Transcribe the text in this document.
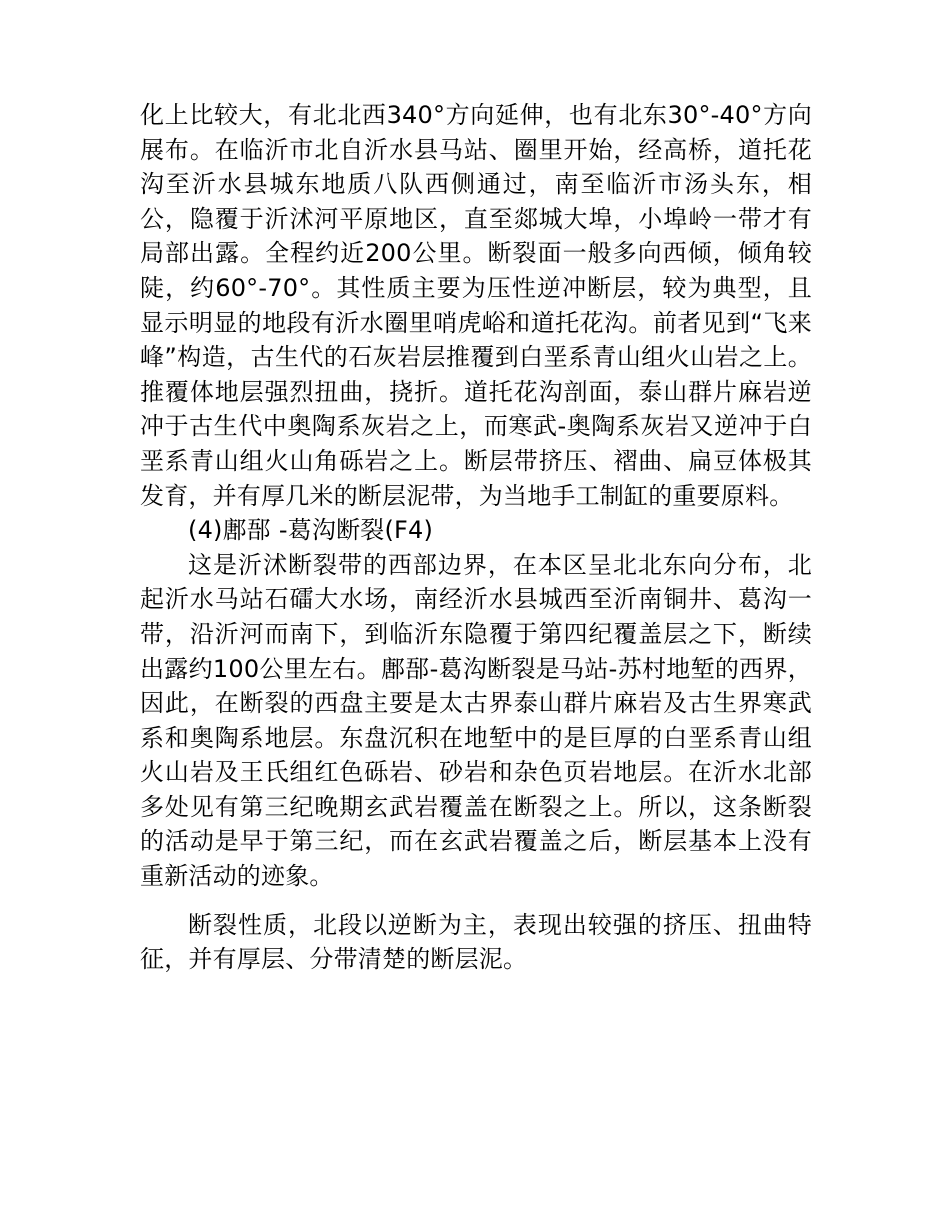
化上比较大，有北北西340°方向延伸，也有北东30°-40°方向展布。在临沂市北自沂水县马站、圈里开始，经高桥，道托花沟至沂水县城东地质八队西侧通过，南至临沂市汤头东，相公，隐覆于沂沭河平原地区，直至郯城大埠，小埠岭一带才有局部出露。全程约近200公里。断裂面一般多向西倾，倾角较陡，约60°-70°。其性质主要为压性逆冲断层，较为典型，且显示明显的地段有沂水圈里哨虎峪和道托花沟。前者见到“飞来峰”构造，古生代的石灰岩层推覆到白垩系青山组火山岩之上。推覆体地层强烈扭曲，挠折。道托花沟剖面，泰山群片麻岩逆冲于古生代中奥陶系灰岩之上，而寒武-奥陶系灰岩又逆冲于白垩系青山组火山角砾岩之上。断层带挤压、褶曲、扁豆体极其发育，并有厚几米的断层泥带，为当地手工制缸的重要原料。

(4)鄌郚 -葛沟断裂(F4)

这是沂沭断裂带的西部边界，在本区呈北北东向分布，北起沂水马站石礌大水场，南经沂水县城西至沂南铜井、葛沟一带，沿沂河而南下，到临沂东隐覆于第四纪覆盖层之下，断续出露约100公里左右。鄌郚-葛沟断裂是马站-苏村地堑的西界，因此，在断裂的西盘主要是太古界泰山群片麻岩及古生界寒武系和奥陶系地层。东盘沉积在地堑中的是巨厚的白垩系青山组火山岩及王氏组红色砾岩、砂岩和杂色页岩地层。在沂水北部多处见有第三纪晚期玄武岩覆盖在断裂之上。所以，这条断裂的活动是早于第三纪，而在玄武岩覆盖之后，断层基本上没有重新活动的迹象。

断裂性质，北段以逆断为主，表现出较强的挤压、扭曲特征，并有厚层、分带清楚的断层泥。
